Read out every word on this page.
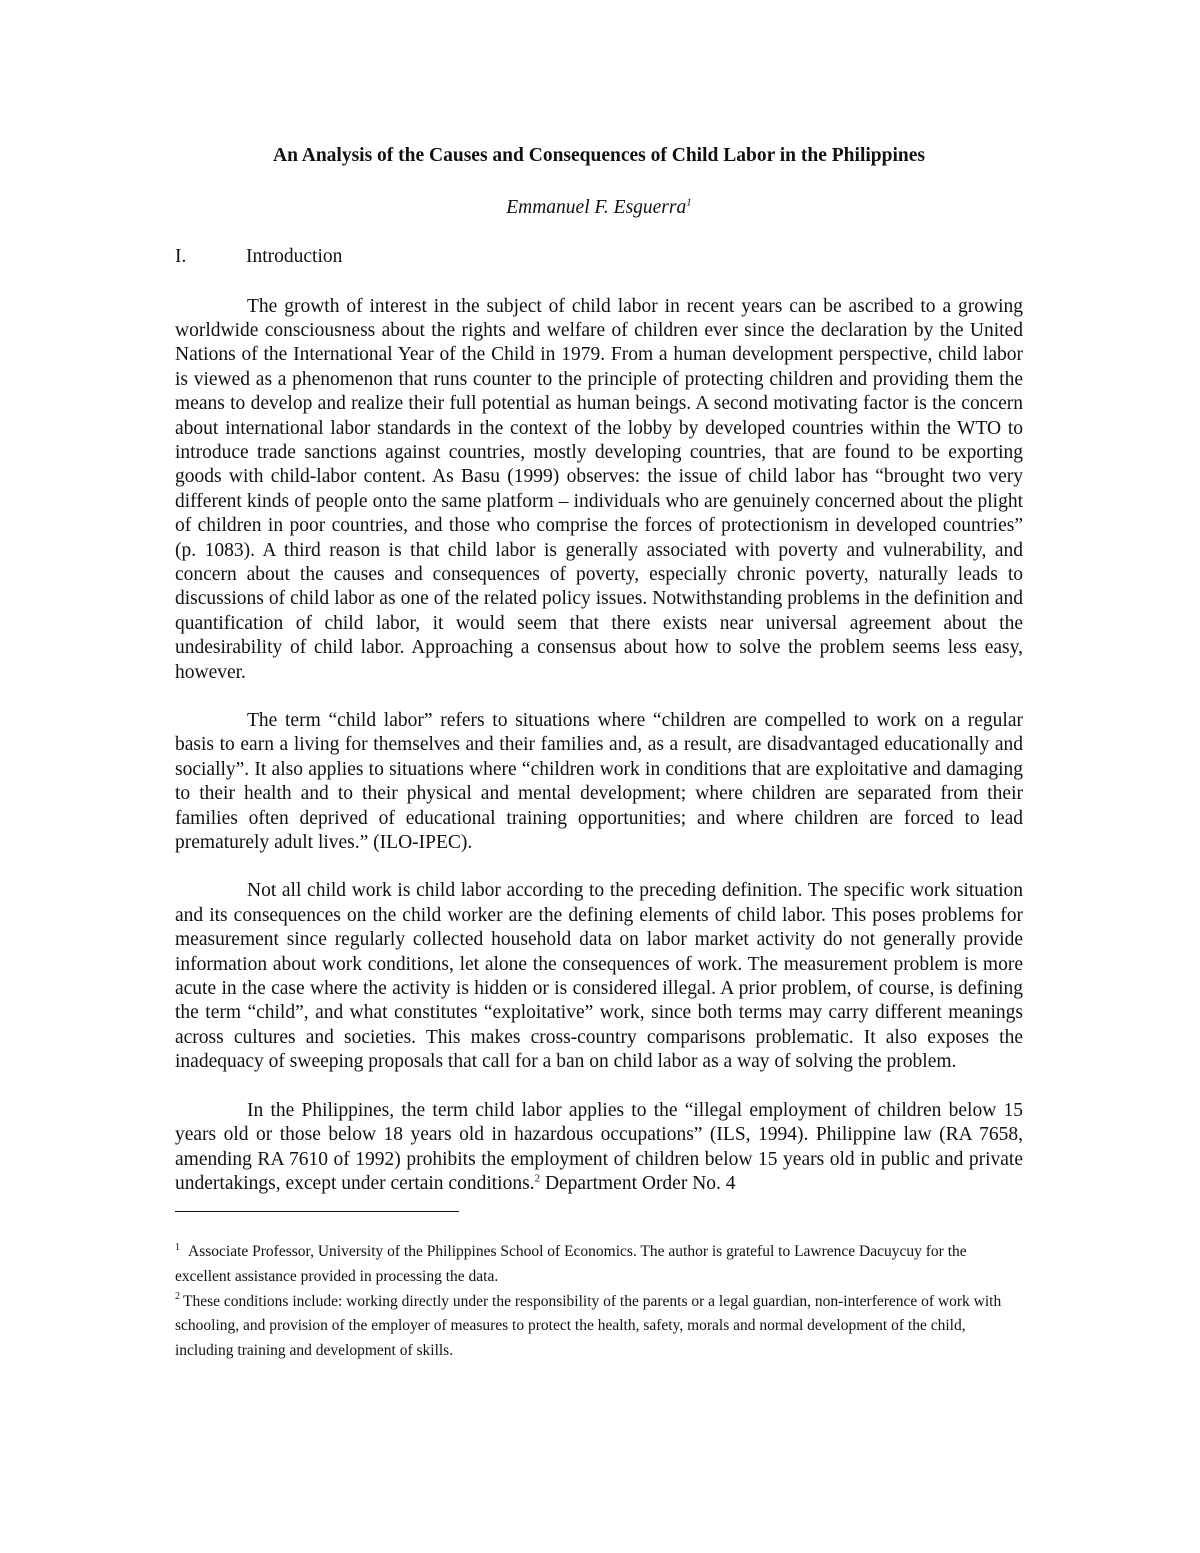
An Analysis of the Causes and Consequences of Child Labor in the Philippines
Emmanuel F. Esguerra$^1$
I.	Introduction

The growth of interest in the subject of child labor in recent years can be ascribed to a growing worldwide consciousness about the rights and welfare of children ever since the declaration by the United Nations of the International Year of the Child in 1979. From a human development perspective, child labor is viewed as a phenomenon that runs counter to the principle of protecting children and providing them the means to develop and realize their full potential as human beings. A second motivating factor is the concern about international labor standards in the context of the lobby by developed countries within the WTO to introduce trade sanctions against countries, mostly developing countries, that are found to be exporting goods with child-labor content. As Basu (1999) observes: the issue of child labor has “brought two very different kinds of people onto the same platform – individuals who are genuinely concerned about the plight of children in poor countries, and those who comprise the forces of protectionism in developed countries” (p. 1083). A third reason is that child labor is generally associated with poverty and vulnerability, and concern about the causes and consequences of poverty, especially chronic poverty, naturally leads to discussions of child labor as one of the related policy issues. Notwithstanding problems in the definition and quantification of child labor, it would seem that there exists near universal agreement about the undesirability of child labor. Approaching a consensus about how to solve the problem seems less easy, however.

The term “child labor” refers to situations where “children are compelled to work on a regular basis to earn a living for themselves and their families and, as a result, are disadvantaged educationally and socially”. It also applies to situations where “children work in conditions that are exploitative and damaging to their health and to their physical and mental development; where children are separated from their families often deprived of educational training opportunities; and where children are forced to lead prematurely adult lives.” (ILO-IPEC).

Not all child work is child labor according to the preceding definition. The specific work situation and its consequences on the child worker are the defining elements of child labor. This poses problems for measurement since regularly collected household data on labor market activity do not generally provide information about work conditions, let alone the consequences of work. The measurement problem is more acute in the case where the activity is hidden or is considered illegal. A prior problem, of course, is defining the term “child”, and what constitutes “exploitative” work, since both terms may carry different meanings across cultures and societies. This makes cross-country comparisons problematic. It also exposes the inadequacy of sweeping proposals that call for a ban on child labor as a way of solving the problem.

In the Philippines, the term child labor applies to the “illegal employment of children below 15 years old or those below 18 years old in hazardous occupations” (ILS, 1994). Philippine law (RA 7658, amending RA 7610 of 1992) prohibits the employment of children below 15 years old in public and private undertakings, except under certain conditions.$^2$ Department Order No. 4

$^1$ Associate Professor, University of the Philippines School of Economics. The author is grateful to Lawrence Dacuycuy for the excellent assistance provided in processing the data.

$^2$ These conditions include: working directly under the responsibility of the parents or a legal guardian, non-interference of work with schooling, and provision of the employer of measures to protect the health, safety, morals and normal development of the child, including training and development of skills.
